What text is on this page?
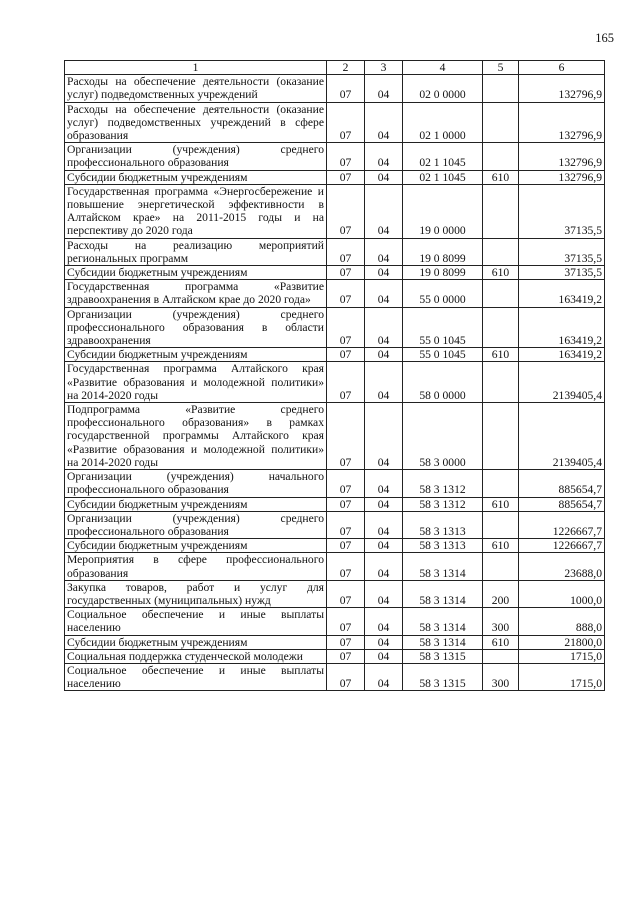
165
1	2	3	4	5	6
Расходы на обеспечение деятельности (оказание услуг) подведомственных учреждений	07	04	02 0 0000		132796,9
Расходы на обеспечение деятельности (оказание услуг) подведомственных учреждений в сфере образования	07	04	02 1 0000		132796,9
Организации (учреждения) среднего профессионального образования	07	04	02 1 1045		132796,9
Субсидии бюджетным учреждениям	07	04	02 1 1045	610	132796,9
Государственная программа «Энергосбережение и повышение энергетической эффективности в Алтайском крае» на 2011-2015 годы и на перспективу до 2020 года	07	04	19 0 0000		37135,5
Расходы на реализацию мероприятий региональных программ	07	04	19 0 8099		37135,5
Субсидии бюджетным учреждениям	07	04	19 0 8099	610	37135,5
Государственная программа «Развитие здравоохранения в Алтайском крае до 2020 года»	07	04	55 0 0000		163419,2
Организации (учреждения) среднего профессионального образования в области здравоохранения	07	04	55 0 1045		163419,2
Субсидии бюджетным учреждениям	07	04	55 0 1045	610	163419,2
Государственная программа Алтайского края «Развитие образования и молодежной политики» на 2014-2020 годы	07	04	58 0 0000		2139405,4
Подпрограмма «Развитие среднего профессионального образования» в рамках государственной программы Алтайского края «Развитие образования и молодежной политики» на 2014-2020 годы	07	04	58 3 0000		2139405,4
Организации (учреждения) начального профессионального образования	07	04	58 3 1312		885654,7
Субсидии бюджетным учреждениям	07	04	58 3 1312	610	885654,7
Организации (учреждения) среднего профессионального образования	07	04	58 3 1313		1226667,7
Субсидии бюджетным учреждениям	07	04	58 3 1313	610	1226667,7
Мероприятия в сфере профессионального образования	07	04	58 3 1314		23688,0
Закупка товаров, работ и услуг для государственных (муниципальных) нужд	07	04	58 3 1314	200	1000,0
Социальное обеспечение и иные выплаты населению	07	04	58 3 1314	300	888,0
Субсидии бюджетным учреждениям	07	04	58 3 1314	610	21800,0
Социальная поддержка студенческой молодежи	07	04	58 3 1315		1715,0
Социальное обеспечение и иные выплаты населению	07	04	58 3 1315	300	1715,0
